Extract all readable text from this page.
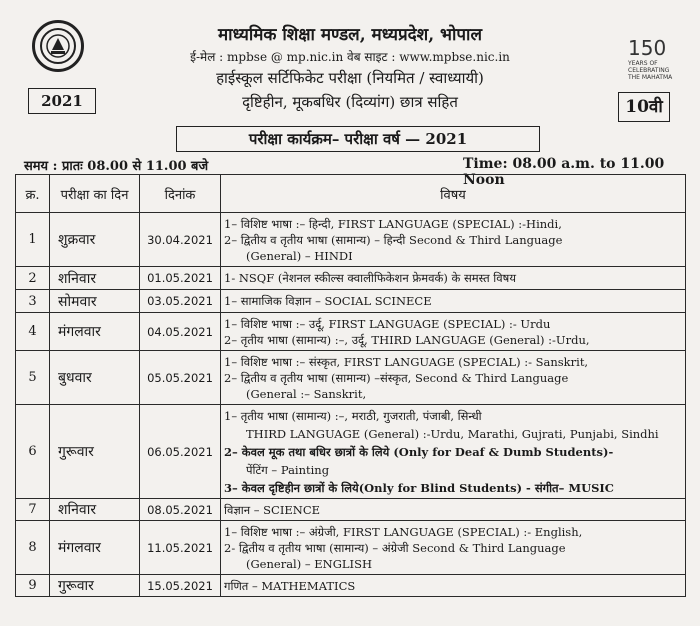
150
YEARS OF CELEBRATING THE MAHATMA
माध्यमिक शिक्षा मण्डल, मध्यप्रदेश, भोपाल
ई-मेल : mpbse @ mp.nic.in वेब साइट : www.mpbse.nic.in
हाईस्कूल सर्टिफिकेट परीक्षा (नियमित / स्वाध्यायी)
दृष्टिहीन, मूकबधिर (दिव्यांग) छात्र सहित
2021	10वी
परीक्षा कार्यक्रम– परीक्षा वर्ष — 2021
समय : प्रातः 08.00 से 11.00 बजे	Time: 08.00 a.m. to 11.00 Noon
क्र.	परीक्षा का दिन	दिनांक	विषय
1	शुक्रवार	30.04.2021	1– विशिष्ट भाषा :– हिन्दी, FIRST LANGUAGE (SPECIAL) :-Hindi,
2– द्वितीय व तृतीय भाषा (सामान्य) – हिन्दी Second & Third Language
(General) – HINDI

2	शनिवार	01.05.2021	1- NSQF (नेशनल स्कील्स क्वालीफिकेशन फ्रेमवर्क) के समस्त विषय

3	सोमवार	03.05.2021	1– सामाजिक विज्ञान – SOCIAL SCINECE

4	मंगलवार	04.05.2021	1– विशिष्ट भाषा :– उर्दू, FIRST LANGUAGE (SPECIAL) :- Urdu
2– तृतीय भाषा (सामान्य) :–, उर्दू, THIRD LANGUAGE (General) :-Urdu,

5	बुधवार	05.05.2021	1– विशिष्ट भाषा :– संस्कृत, FIRST LANGUAGE (SPECIAL) :- Sanskrit,
2– द्वितीय व तृतीय भाषा (सामान्य) –संस्कृत, Second & Third Language
(General :– Sanskrit,

6	गुरूवार	06.05.2021	1– तृतीय भाषा (सामान्य) :–, मराठी, गुजराती, पंजाबी, सिन्धी
THIRD LANGUAGE (General) :-Urdu, Marathi, Gujrati, Punjabi, Sindhi
2– केवल मूक तथा बधिर छात्रों के लिये (Only for Deaf & Dumb Students)-
पेंटिंग – Painting
3– केवल दृष्टिहीन छात्रों के लिये(Only for Blind Students) - संगीत– MUSIC

7	शनिवार	08.05.2021	विज्ञान – SCIENCE

8	मंगलवार	11.05.2021	1– विशिष्ट भाषा :– अंग्रेजी, FIRST LANGUAGE (SPECIAL) :- English,
2- द्वितीय व तृतीय भाषा (सामान्य) – अंग्रेजी Second & Third Language
(General) – ENGLISH

9	गुरूवार	15.05.2021	गणित – MATHEMATICS
